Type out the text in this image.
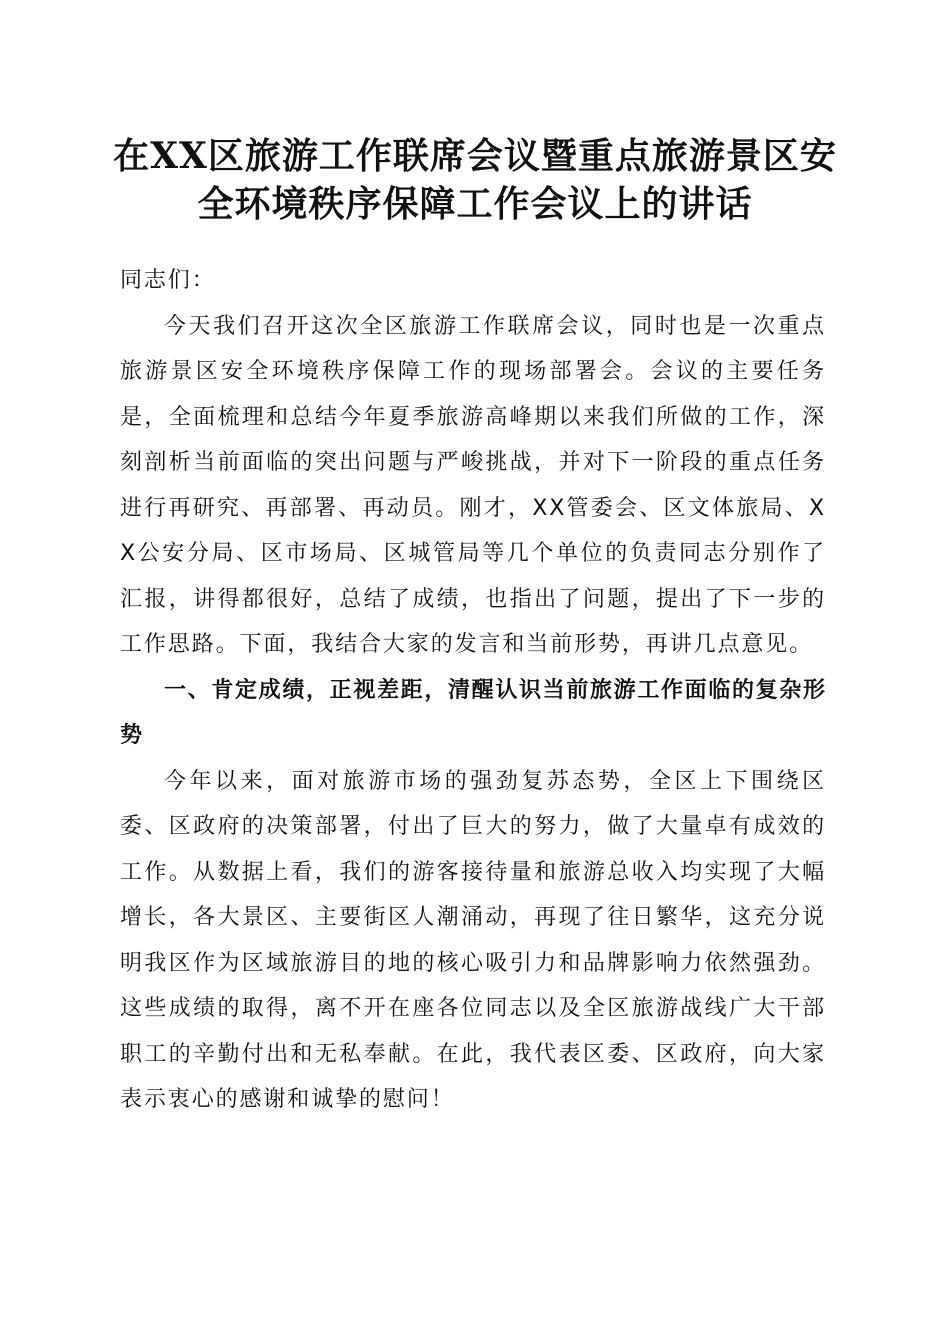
在XX区旅游工作联席会议暨重点旅游景区安
全环境秩序保障工作会议上的讲话

同志们：

今天我们召开这次全区旅游工作联席会议，同时也是一次重点旅游景区安全环境秩序保障工作的现场部署会。会议的主要任务是，全面梳理和总结今年夏季旅游高峰期以来我们所做的工作，深刻剖析当前面临的突出问题与严峻挑战，并对下一阶段的重点任务进行再研究、再部署、再动员。刚才，XX管委会、区文体旅局、XX公安分局、区市场局、区城管局等几个单位的负责同志分别作了汇报，讲得都很好，总结了成绩，也指出了问题，提出了下一步的工作思路。下面，我结合大家的发言和当前形势，再讲几点意见。

一、肯定成绩，正视差距，清醒认识当前旅游工作面临的复杂形势

今年以来，面对旅游市场的强劲复苏态势，全区上下围绕区委、区政府的决策部署，付出了巨大的努力，做了大量卓有成效的工作。从数据上看，我们的游客接待量和旅游总收入均实现了大幅增长，各大景区、主要街区人潮涌动，再现了往日繁华，这充分说明我区作为区域旅游目的地的核心吸引力和品牌影响力依然强劲。这些成绩的取得，离不开在座各位同志以及全区旅游战线广大干部职工的辛勤付出和无私奉献。在此，我代表区委、区政府，向大家表示衷心的感谢和诚挚的慰问！
